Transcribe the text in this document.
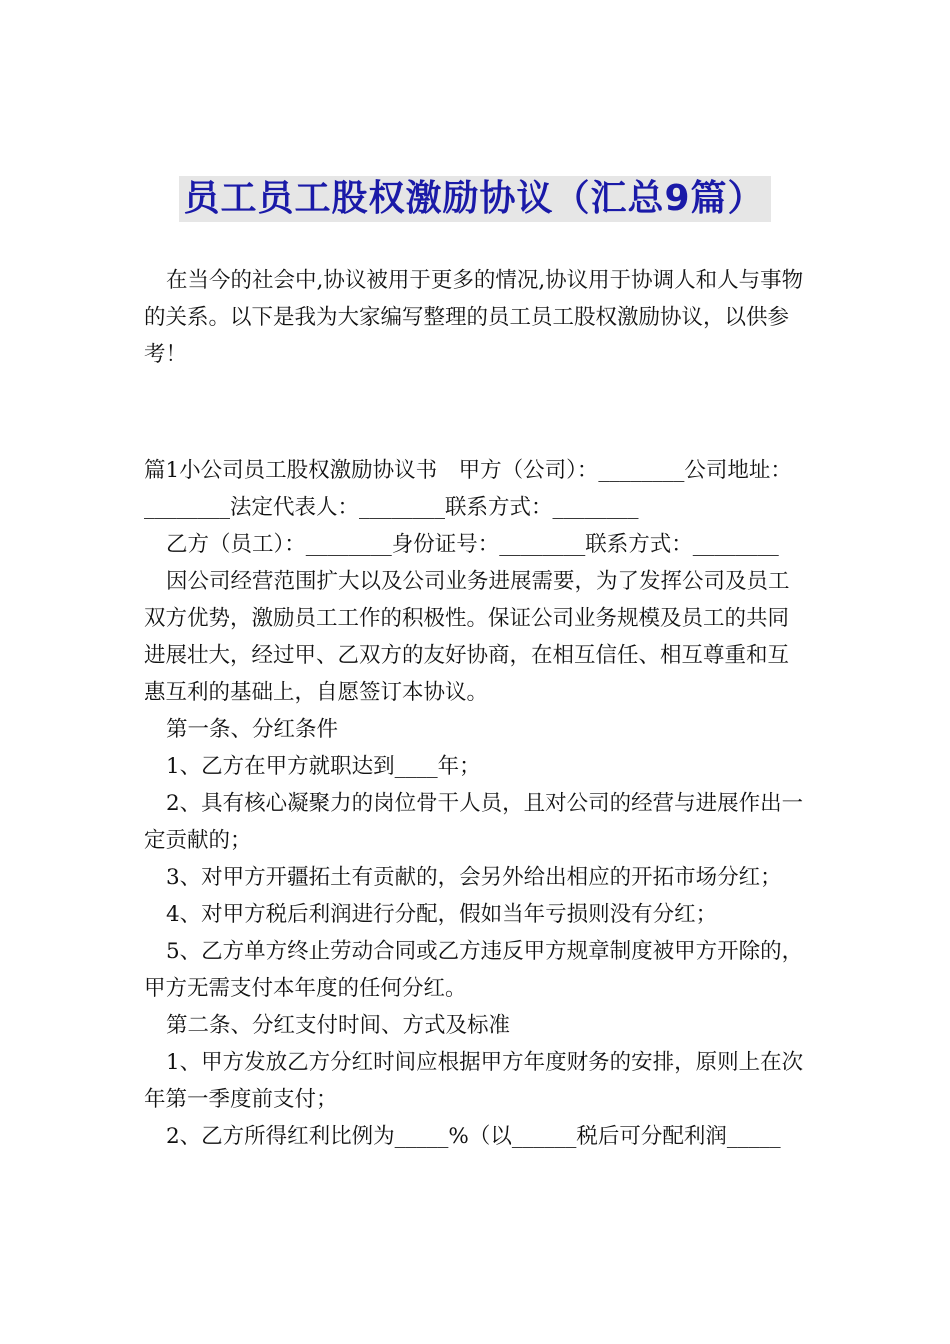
员工员工股权激励协议（汇总9篇）

在当今的社会中,协议被用于更多的情况,协议用于协调人和人与事物的关系。以下是我为大家编写整理的员工员工股权激励协议，以供参考！

篇1小公司员工股权激励协议书　甲方（公司）：________公司地址：________法定代表人：________联系方式：________

乙方（员工）：________身份证号：________联系方式：________

因公司经营范围扩大以及公司业务进展需要，为了发挥公司及员工双方优势，激励员工工作的积极性。保证公司业务规模及员工的共同进展壮大，经过甲、乙双方的友好协商，在相互信任、相互尊重和互惠互利的基础上，自愿签订本协议。

第一条、分红条件

1、乙方在甲方就职达到____年；

2、具有核心凝聚力的岗位骨干人员，且对公司的经营与进展作出一定贡献的；

3、对甲方开疆拓土有贡献的，会另外给出相应的开拓市场分红；

4、对甲方税后利润进行分配，假如当年亏损则没有分红；

5、乙方单方终止劳动合同或乙方违反甲方规章制度被甲方开除的，甲方无需支付本年度的任何分红。

第二条、分红支付时间、方式及标准

1、甲方发放乙方分红时间应根据甲方年度财务的安排，原则上在次年第一季度前支付；

2、乙方所得红利比例为_____%（以______税后可分配利润_____
